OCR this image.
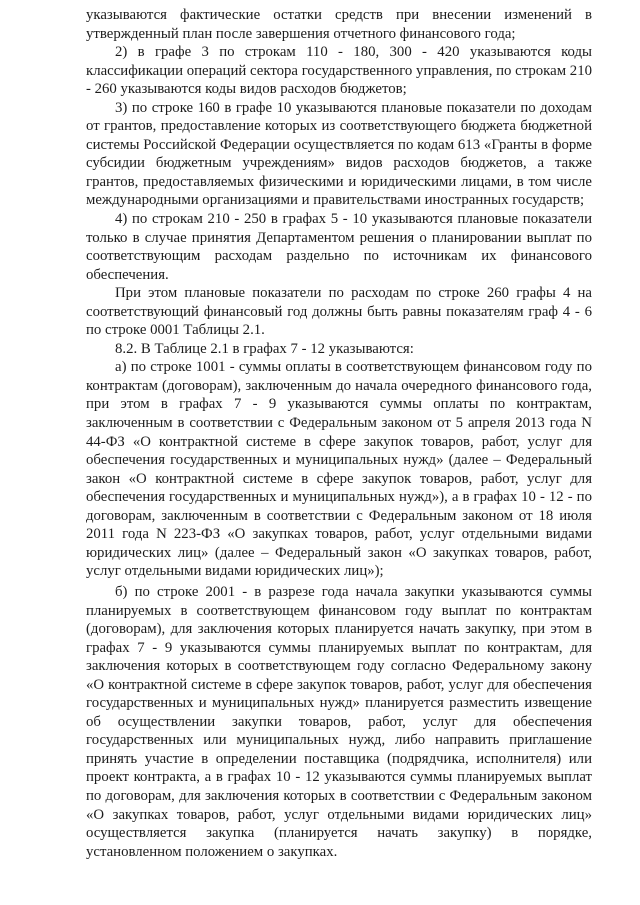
указываются фактические остатки средств при внесении изменений в утвержденный план после завершения отчетного финансового года;

2) в графе 3 по строкам 110 - 180, 300 - 420 указываются коды классификации операций сектора государственного управления, по строкам 210 - 260 указываются коды видов расходов бюджетов;

3) по строке 160 в графе 10 указываются плановые показатели по доходам от грантов, предоставление которых из соответствующего бюджета бюджетной системы Российской Федерации осуществляется по кодам 613 «Гранты в форме субсидии бюджетным учреждениям» видов расходов бюджетов, а также грантов, предоставляемых физическими и юридическими лицами, в том числе международными организациями и правительствами иностранных государств;

4) по строкам 210 - 250 в графах 5 - 10 указываются плановые показатели только в случае принятия Департаментом решения о планировании выплат по соответствующим расходам раздельно по источникам их финансового обеспечения.

При этом плановые показатели по расходам по строке 260 графы 4 на соответствующий финансовый год должны быть равны показателям граф 4 - 6 по строке 0001 Таблицы 2.1.

8.2. В Таблице 2.1 в графах 7 - 12 указываются:

а) по строке 1001 - суммы оплаты в соответствующем финансовом году по контрактам (договорам), заключенным до начала очередного финансового года, при этом в графах 7 - 9 указываются суммы оплаты по контрактам, заключенным в соответствии с Федеральным законом от 5 апреля 2013 года N 44-ФЗ «О контрактной системе в сфере закупок товаров, работ, услуг для обеспечения государственных и муниципальных нужд» (далее – Федеральный закон «О контрактной системе в сфере закупок товаров, работ, услуг для обеспечения государственных и муниципальных нужд»), а в графах 10 - 12 - по договорам, заключенным в соответствии с Федеральным законом от 18 июля 2011 года N 223-ФЗ «О закупках товаров, работ, услуг отдельными видами юридических лиц» (далее – Федеральный закон «О закупках товаров, работ, услуг отдельными видами юридических лиц»);

б) по строке 2001 - в разрезе года начала закупки указываются суммы планируемых в соответствующем финансовом году выплат по контрактам (договорам), для заключения которых планируется начать закупку, при этом в графах 7 - 9 указываются суммы планируемых выплат по контрактам, для заключения которых в соответствующем году согласно Федеральному закону «О контрактной системе в сфере закупок товаров, работ, услуг для обеспечения государственных и муниципальных нужд» планируется разместить извещение об осуществлении закупки товаров, работ, услуг для обеспечения государственных или муниципальных нужд, либо направить приглашение принять участие в определении поставщика (подрядчика, исполнителя) или проект контракта, а в графах 10 - 12 указываются суммы планируемых выплат по договорам, для заключения которых в соответствии с Федеральным законом «О закупках товаров, работ, услуг отдельными видами юридических лиц» осуществляется закупка (планируется начать закупку) в порядке, установленном положением о закупках.
